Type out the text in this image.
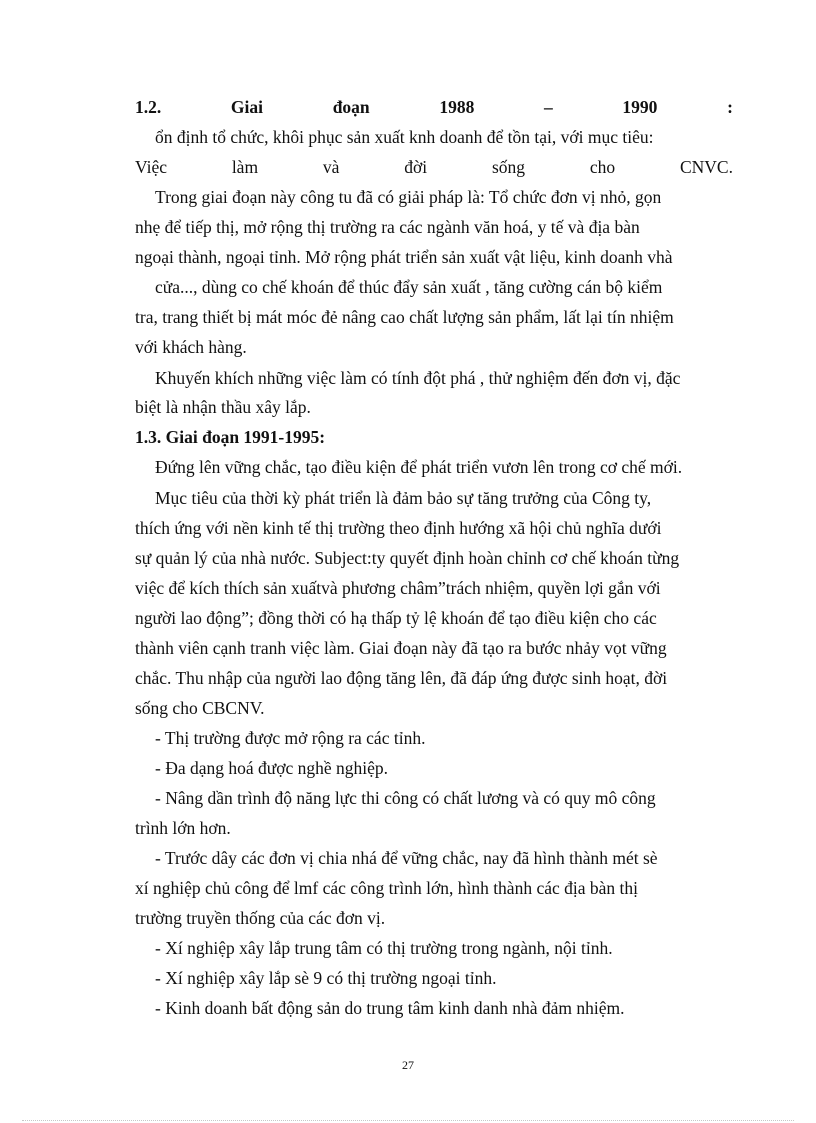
1.2.	Giai	đoạn	1988	–	1990	:
ổn định tổ chức, khôi phục sản xuất knh doanh để tồn tại, với mục tiêu:
Việc	làm	và	đời	sống	cho	CNVC.
Trong giai đoạn này công tu đã có giải pháp là: Tổ chức đơn vị nhỏ, gọn
nhẹ để tiếp thị, mở rộng thị trường ra các ngành văn hoá, y tế và địa bàn
ngoại thành, ngoại tỉnh. Mở rộng phát triển sản xuất vật liệu, kinh doanh vhà
cửa..., dùng co chế khoán để thúc đẩy sản xuất , tăng cường cán bộ kiểm
tra, trang thiết bị mát móc đẻ nâng cao chất lượng sản phẩm, lất lại tín nhiệm
với khách hàng.
Khuyến khích những việc làm có tính đột phá , thử nghiệm đến đơn vị, đặc
biệt là nhận thầu xây lắp.
1.3. Giai đoạn 1991-1995:
Đứng lên vững chắc, tạo điều kiện để phát triển vươn lên trong cơ chế mới.
Mục tiêu của thời kỳ phát triển là đảm bảo sự tăng trưởng của Công ty,
thích ứng với nền kinh tế thị trường theo định hướng xã hội chủ nghĩa dưới
sự quản lý của nhà nước. Subject:ty quyết định hoàn chỉnh cơ chế khoán từng
việc để kích thích sản xuấtvà phương châm”trách nhiệm, quyền lợi gắn với
người lao động”; đồng thời có hạ thấp tỷ lệ khoán để tạo điều kiện cho các
thành viên cạnh tranh việc làm. Giai đoạn này đã tạo ra bước nhảy vọt vững
chắc. Thu nhập của người lao động tăng lên, đã đáp ứng được sinh hoạt, đời
sống cho CBCNV.
- Thị trường được mở rộng ra các tỉnh.
- Đa dạng hoá được nghề nghiệp.
- Nâng dần trình độ năng lực thi công có chất lương và có quy mô công
trình lớn hơn.
- Trước dây các đơn vị chia nhá để vững chắc, nay đã hình thành mét sè
xí nghiệp chủ công để lmf các công trình lớn, hình thành các địa bàn thị
trường truyền thống của các đơn vị.
- Xí nghiệp xây lắp trung tâm có thị trường trong ngành, nội tỉnh.
- Xí nghiệp xây lắp sè 9 có thị trường ngoại tỉnh.
- Kinh doanh bất động sản do trung tâm kinh danh nhà đảm nhiệm.
27
